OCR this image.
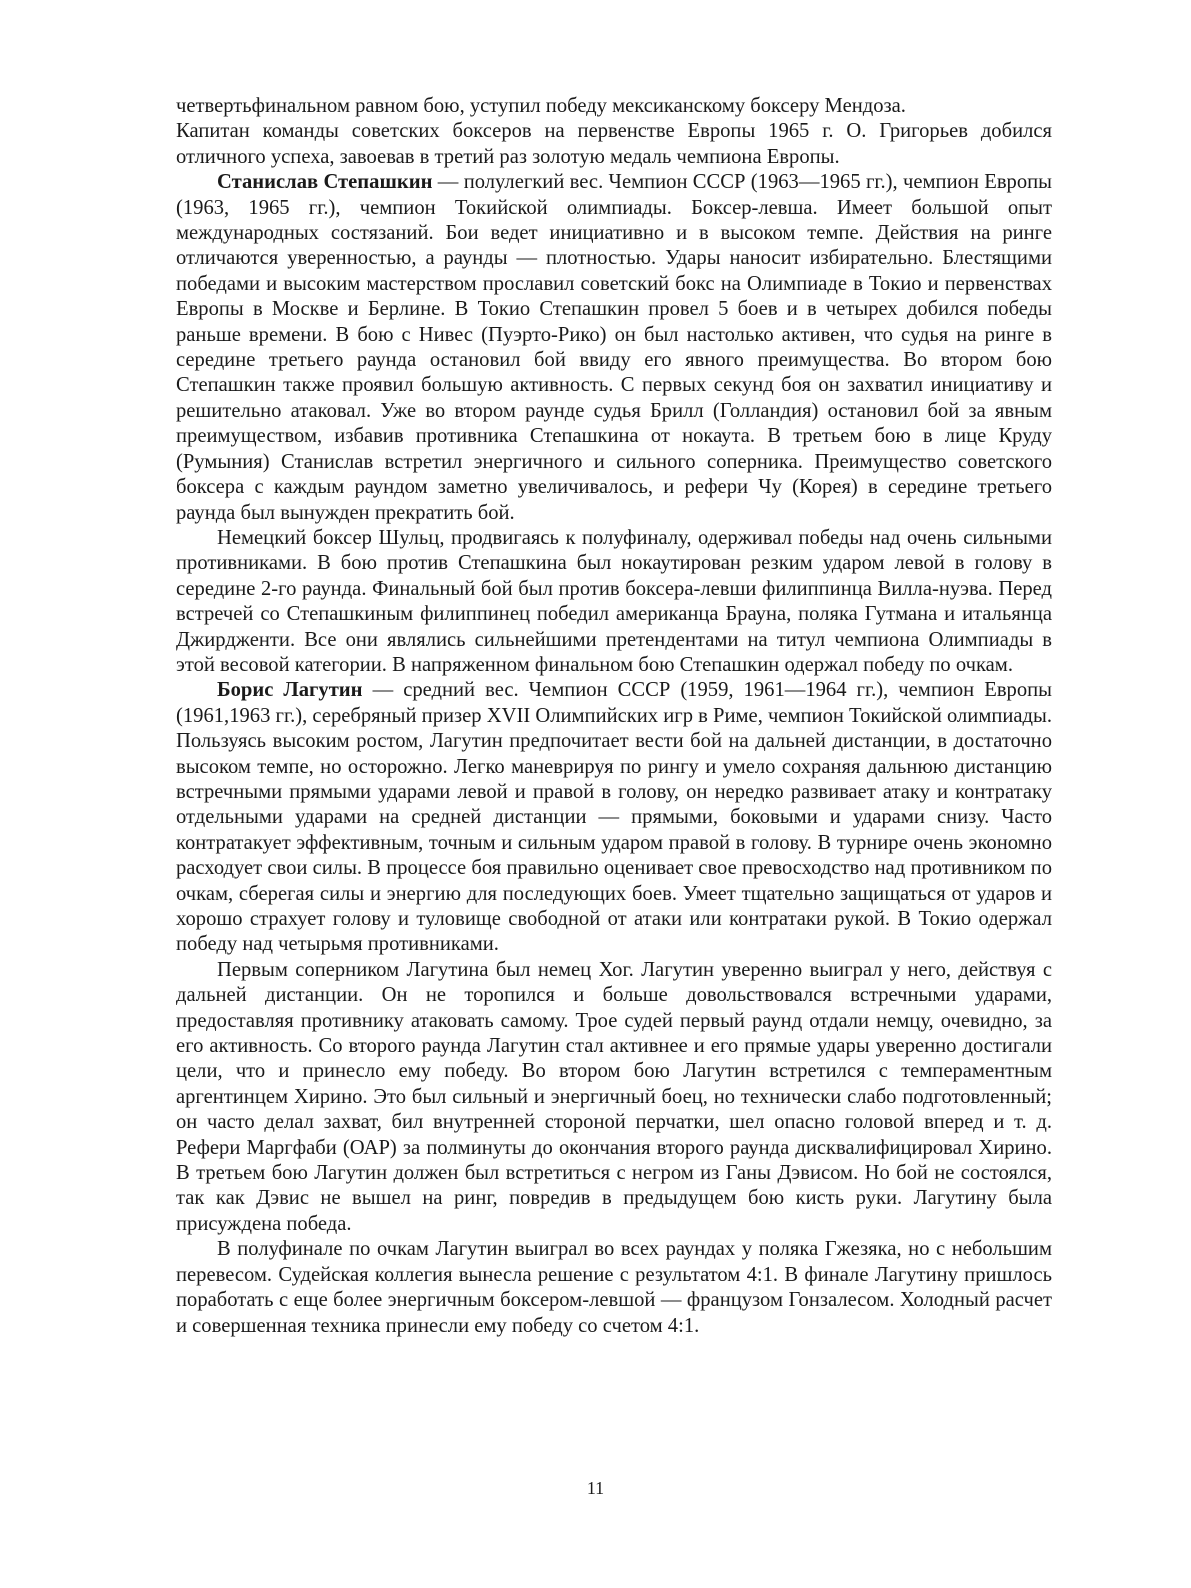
четвертьфинальном равном бою, уступил победу мексиканскому боксеру Мендоза.

Капитан команды советских боксеров на первенстве Европы 1965 г. О. Григорьев добился отличного успеха, завоевав в третий раз золотую медаль чемпиона Европы.

Станислав Степашкин — полулегкий вес. Чемпион СССР (1963—1965 гг.), чемпион Европы (1963, 1965 гг.), чемпион Токийской олимпиады. Боксер-левша. Имеет большой опыт международных состязаний. Бои ведет инициативно и в высоком темпе. Действия на ринге отличаются уверенностью, а раунды — плотностью. Удары наносит избирательно. Блестящими победами и высоким мастерством прославил советский бокс на Олимпиаде в Токио и первенствах Европы в Москве и Берлине. В Токио Степашкин провел 5 боев и в четырех добился победы раньше времени. В бою с Нивес (Пуэрто-Рико) он был настолько активен, что судья на ринге в середине третьего раунда остановил бой ввиду его явного преимущества. Во втором бою Степашкин также проявил большую активность. С первых секунд боя он захватил инициативу и решительно атаковал. Уже во втором раунде судья Брилл (Голландия) остановил бой за явным преимуществом, избавив противника Степашкина от нокаута. В третьем бою в лице Круду (Румыния) Станислав встретил энергичного и сильного соперника. Преимущество советского боксера с каждым раундом заметно увеличивалось, и рефери Чу (Корея) в середине третьего раунда был вынужден прекратить бой.

Немецкий боксер Шульц, продвигаясь к полуфиналу, одерживал победы над очень сильными противниками. В бою против Степашкина был нокаутирован резким ударом левой в голову в середине 2-го раунда. Финальный бой был против боксера-левши филиппинца Вилла-нуэва. Перед встречей со Степашкиным филиппинец победил американца Брауна, поляка Гутмана и итальянца Джирдженти. Все они являлись сильнейшими претендентами на титул чемпиона Олимпиады в этой весовой категории. В напряженном финальном бою Степашкин одержал победу по очкам.

Борис Лагутин — средний вес. Чемпион СССР (1959, 1961—1964 гг.), чемпион Европы (1961,1963 гг.), серебряный призер XVII Олимпийских игр в Риме, чемпион Токийской олимпиады. Пользуясь высоким ростом, Лагутин предпочитает вести бой на дальней дистанции, в достаточно высоком темпе, но осторожно. Легко маневрируя по рингу и умело сохраняя дальнюю дистанцию встречными прямыми ударами левой и правой в голову, он нередко развивает атаку и контратаку отдельными ударами на средней дистанции — прямыми, боковыми и ударами снизу. Часто контратакует эффективным, точным и сильным ударом правой в голову. В турнире очень экономно расходует свои силы. В процессе боя правильно оценивает свое превосходство над противником по очкам, сберегая силы и энергию для последующих боев. Умеет тщательно защищаться от ударов и хорошо страхует голову и туловище свободной от атаки или контратаки рукой. В Токио одержал победу над четырьмя противниками.

Первым соперником Лагутина был немец Хог. Лагутин уверенно выиграл у него, действуя с дальней дистанции. Он не торопился и больше довольствовался встречными ударами, предоставляя противнику атаковать самому. Трое судей первый раунд отдали немцу, очевидно, за его активность. Со второго раунда Лагутин стал активнее и его прямые удары уверенно достигали цели, что и принесло ему победу. Во втором бою Лагутин встретился с темпераментным аргентинцем Хирино. Это был сильный и энергичный боец, но технически слабо подготовленный; он часто делал захват, бил внутренней стороной перчатки, шел опасно головой вперед и т. д. Рефери Маргфаби (ОАР) за полминуты до окончания второго раунда дисквалифицировал Хирино. В третьем бою Лагутин должен был встретиться с негром из Ганы Дэвисом. Но бой не состоялся, так как Дэвис не вышел на ринг, повредив в предыдущем бою кисть руки. Лагутину была присуждена победа.

В полуфинале по очкам Лагутин выиграл во всех раундах у поляка Гжезяка, но с небольшим перевесом. Судейская коллегия вынесла решение с результатом 4:1. В финале Лагутину пришлось поработать с еще более энергичным боксером-левшой — французом Гонзалесом. Холодный расчет и совершенная техника принесли ему победу со счетом 4:1.

11
